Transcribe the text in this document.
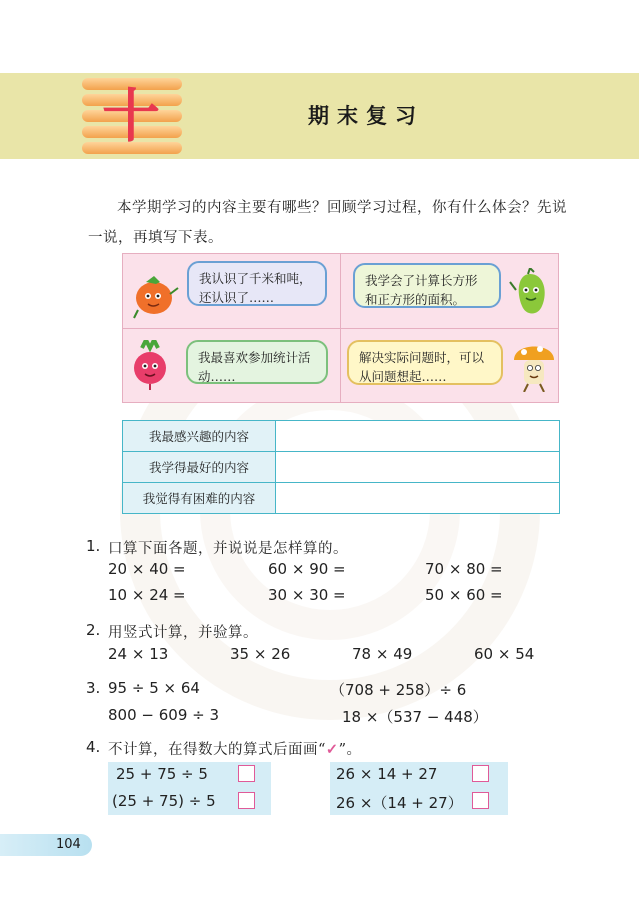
十	期末复习
本学期学习的内容主要有哪些？回顾学习过程，你有什么体会？先说一说，再填写下表。
我认识了千米和吨，还认识了……
我学会了计算长方形和正方形的面积。
我最喜欢参加统计活动……
解决实际问题时，可以从问题想起……
我最感兴趣的内容	
我学得最好的内容	
我觉得有困难的内容	
1. 口算下面各题，并说说是怎样算的。
20 × 40 =	60 × 90 =	70 × 80 =
10 × 24 =	30 × 30 =	50 × 60 =
2. 用竖式计算，并验算。
24 × 13	35 × 26	78 × 49	60 × 54
3. 95 ÷ 5 × 64	（708 + 258）÷ 6
800 − 609 ÷ 3	18 ×（537 − 448）
4. 不计算，在得数大的算式后面画“✓”。
25 + 75 ÷ 5
(25 + 75) ÷ 5
26 × 14 + 27
26 ×（14 + 27）
104
